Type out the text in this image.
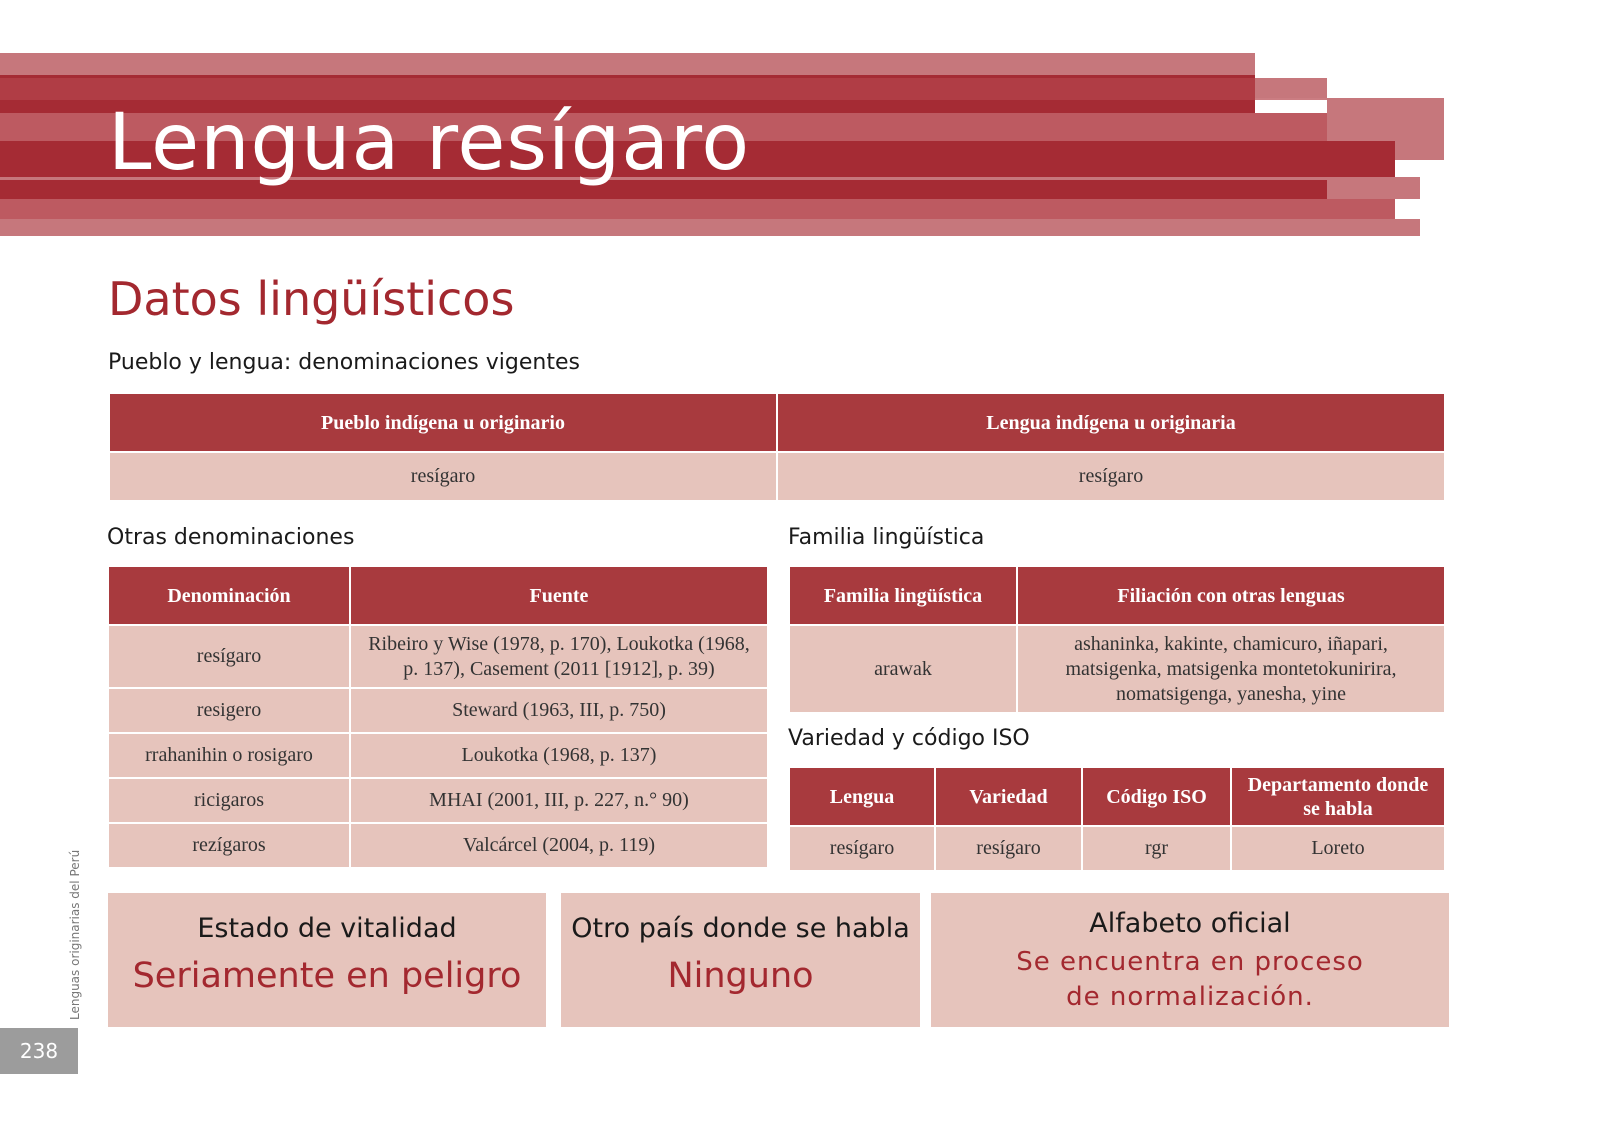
Lengua resígaro
Datos lingüísticos
Pueblo y lengua: denominaciones vigentes
Pueblo indígena u originario	Lengua indígena u originaria
resígaro	resígaro
Otras denominaciones
Denominación	Fuente
resígaro	Ribeiro y Wise (1978, p. 170), Loukotka (1968, p. 137), Casement (2011 [1912], p. 39)
resigero	Steward (1963, III, p. 750)
rrahanihin o rosigaro	Loukotka (1968, p. 137)
ricigaros	MHAI (2001, III, p. 227, n.° 90)
rezígaros	Valcárcel (2004, p. 119)
Familia lingüística
Familia lingüística	Filiación con otras lenguas
arawak	ashaninka, kakinte, chamicuro, iñapari, matsigenka, matsigenka montetokunirira, nomatsigenga, yanesha, yine
Variedad y código ISO
Lengua	Variedad	Código ISO	Departamento donde se habla
resígaro	resígaro	rgr	Loreto
Estado de vitalidad
Seriamente en peligro
Otro país donde se habla
Ninguno
Alfabeto oficial
Se encuentra en proceso
de normalización.
Lenguas originarias del Perú
238
